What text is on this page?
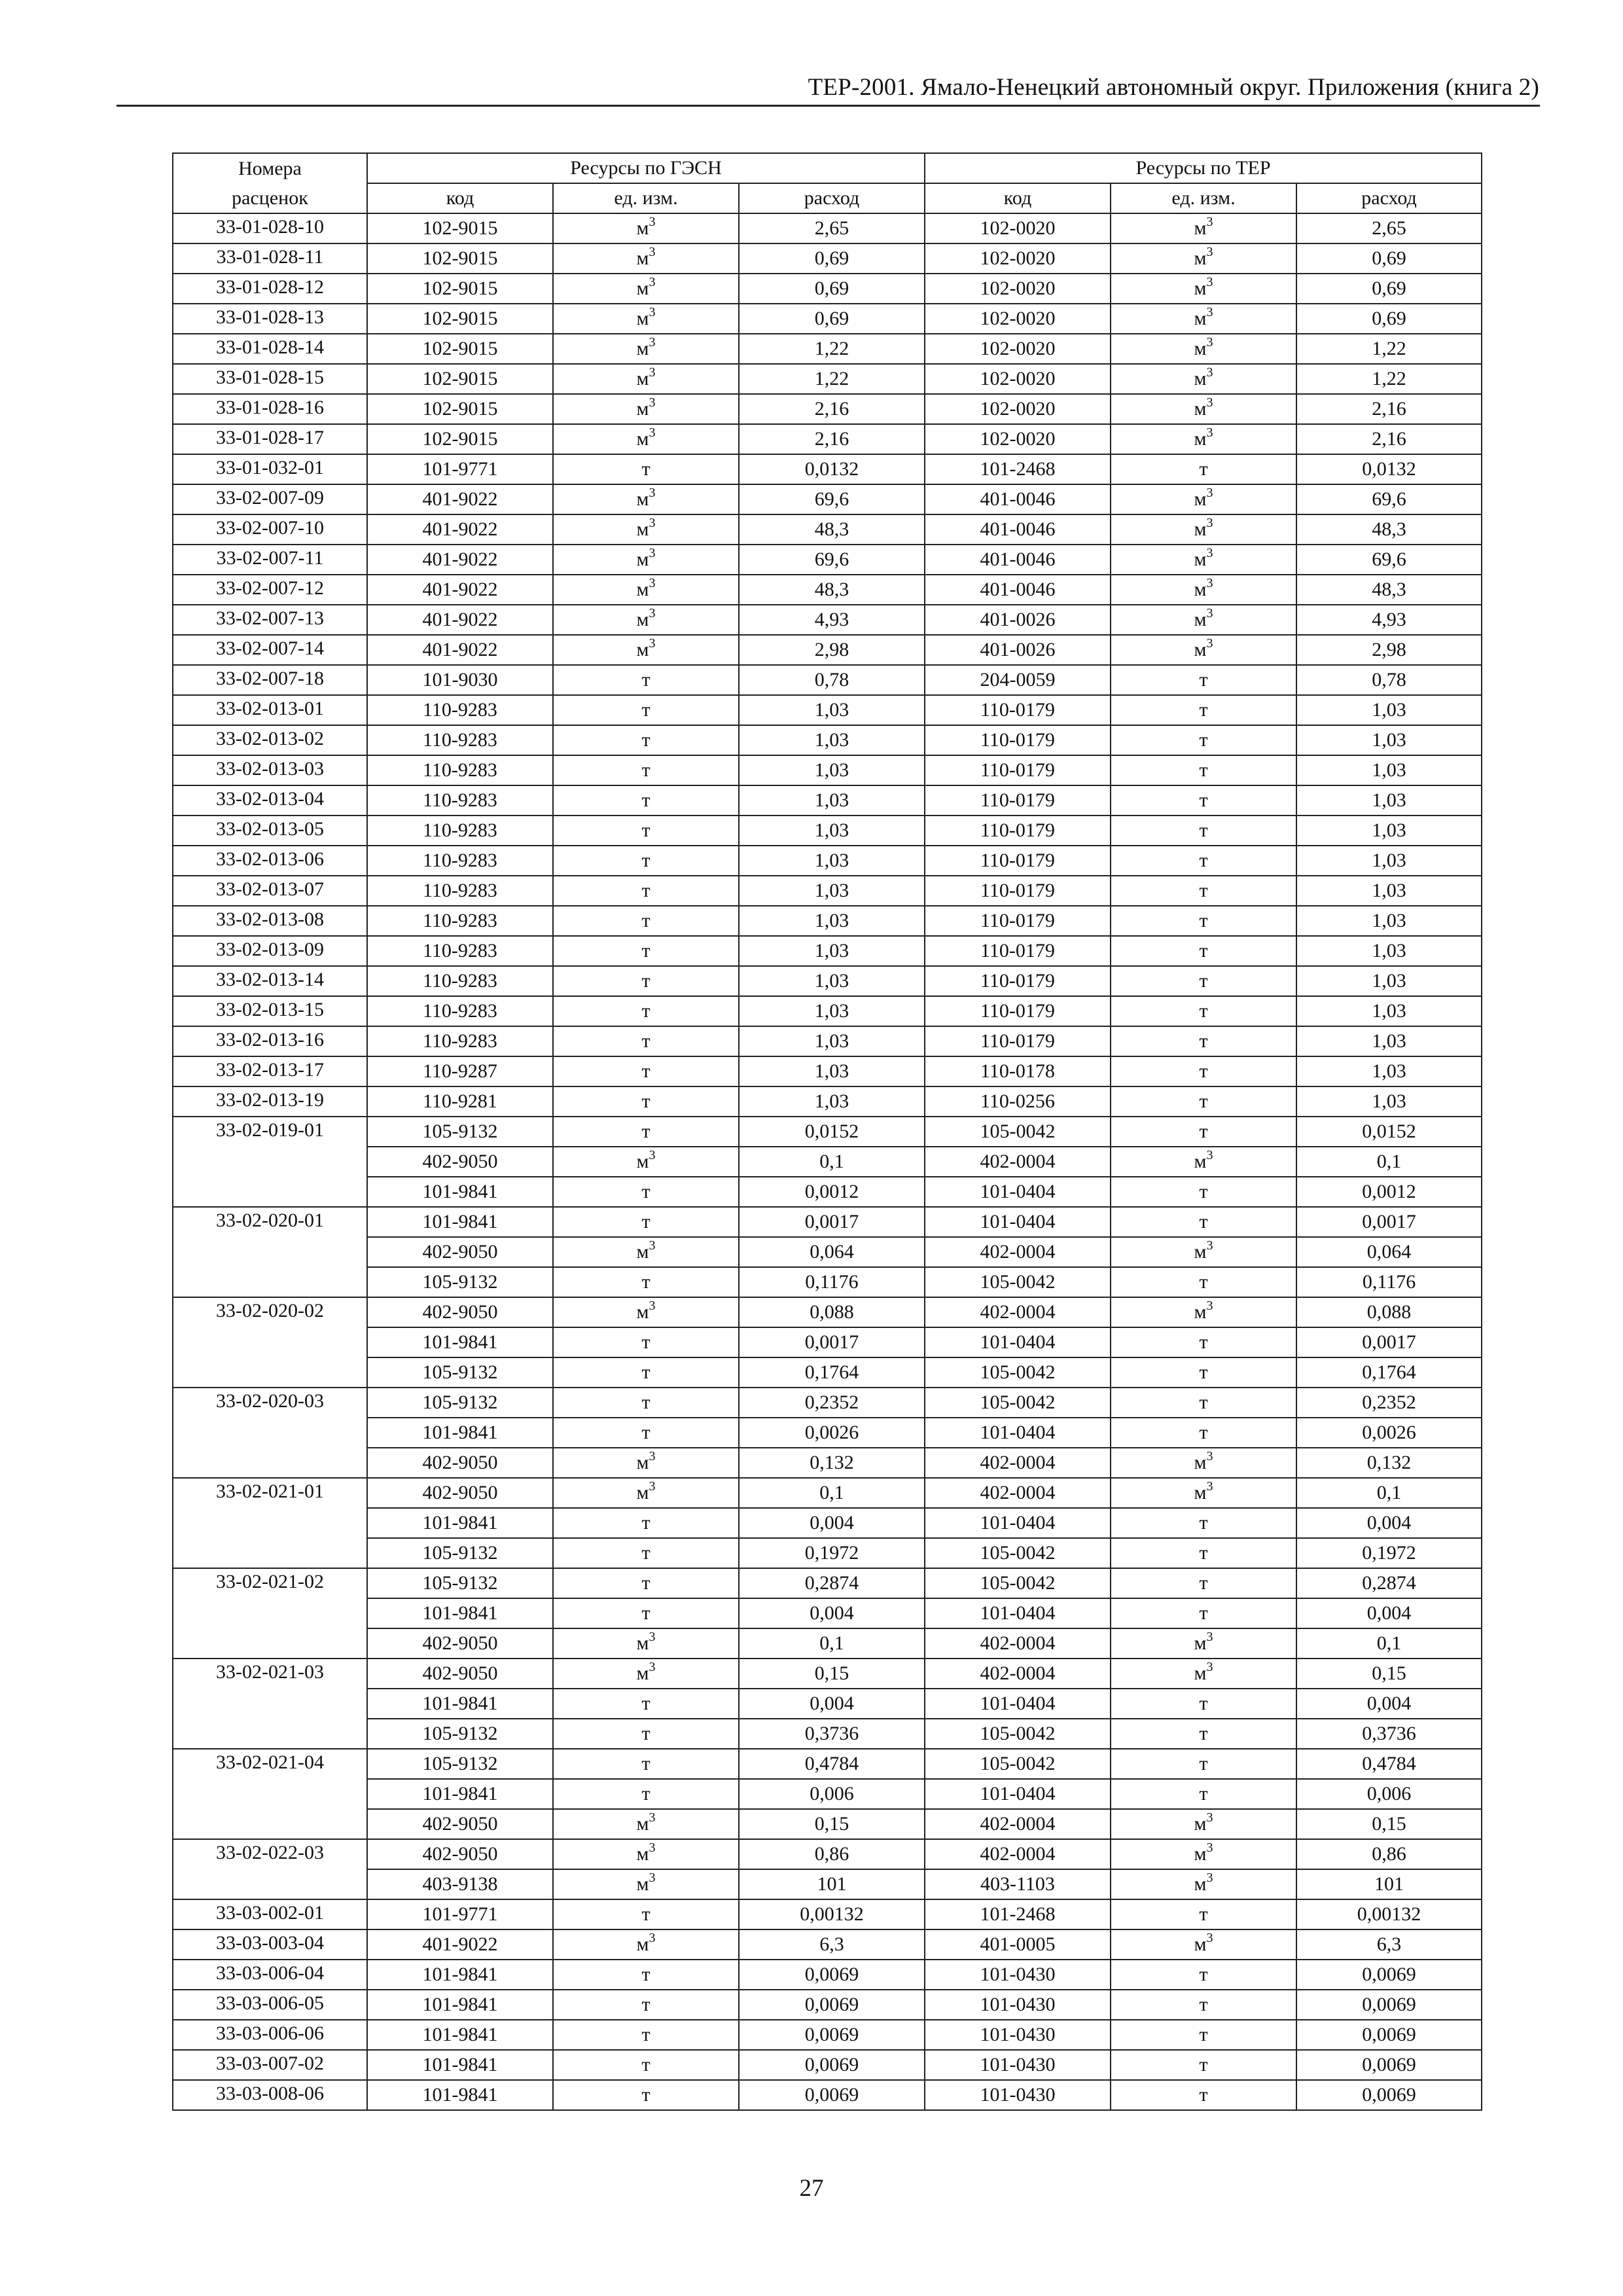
ТЕР-2001. Ямало-Ненецкий автономный округ. Приложения (книга 2)
Номера	Ресурсы по ГЭСН			Ресурсы по ТЕР		
расценок	код	ед. изм.	расход	код	ед. изм.	расход
33-01-028-10	102-9015	$м^3$	2,65	102-0020	$м^3$	2,65
33-01-028-11	102-9015	$м^3$	0,69	102-0020	$м^3$	0,69
33-01-028-12	102-9015	$м^3$	0,69	102-0020	$м^3$	0,69
33-01-028-13	102-9015	$м^3$	0,69	102-0020	$м^3$	0,69
33-01-028-14	102-9015	$м^3$	1,22	102-0020	$м^3$	1,22
33-01-028-15	102-9015	$м^3$	1,22	102-0020	$м^3$	1,22
33-01-028-16	102-9015	$м^3$	2,16	102-0020	$м^3$	2,16
33-01-028-17	102-9015	$м^3$	2,16	102-0020	$м^3$	2,16
33-01-032-01	101-9771	т	0,0132	101-2468	т	0,0132
33-02-007-09	401-9022	$м^3$	69,6	401-0046	$м^3$	69,6
33-02-007-10	401-9022	$м^3$	48,3	401-0046	$м^3$	48,3
33-02-007-11	401-9022	$м^3$	69,6	401-0046	$м^3$	69,6
33-02-007-12	401-9022	$м^3$	48,3	401-0046	$м^3$	48,3
33-02-007-13	401-9022	$м^3$	4,93	401-0026	$м^3$	4,93
33-02-007-14	401-9022	$м^3$	2,98	401-0026	$м^3$	2,98
33-02-007-18	101-9030	т	0,78	204-0059	т	0,78
33-02-013-01	110-9283	т	1,03	110-0179	т	1,03
33-02-013-02	110-9283	т	1,03	110-0179	т	1,03
33-02-013-03	110-9283	т	1,03	110-0179	т	1,03
33-02-013-04	110-9283	т	1,03	110-0179	т	1,03
33-02-013-05	110-9283	т	1,03	110-0179	т	1,03
33-02-013-06	110-9283	т	1,03	110-0179	т	1,03
33-02-013-07	110-9283	т	1,03	110-0179	т	1,03
33-02-013-08	110-9283	т	1,03	110-0179	т	1,03
33-02-013-09	110-9283	т	1,03	110-0179	т	1,03
33-02-013-14	110-9283	т	1,03	110-0179	т	1,03
33-02-013-15	110-9283	т	1,03	110-0179	т	1,03
33-02-013-16	110-9283	т	1,03	110-0179	т	1,03
33-02-013-17	110-9287	т	1,03	110-0178	т	1,03
33-02-013-19	110-9281	т	1,03	110-0256	т	1,03
33-02-019-01	105-9132	т	0,0152	105-0042	т	0,0152
	402-9050	$м^3$	0,1	402-0004	$м^3$	0,1
	101-9841	т	0,0012	101-0404	т	0,0012
33-02-020-01	101-9841	т	0,0017	101-0404	т	0,0017
	402-9050	$м^3$	0,064	402-0004	$м^3$	0,064
	105-9132	т	0,1176	105-0042	т	0,1176
33-02-020-02	402-9050	$м^3$	0,088	402-0004	$м^3$	0,088
	101-9841	т	0,0017	101-0404	т	0,0017
	105-9132	т	0,1764	105-0042	т	0,1764
33-02-020-03	105-9132	т	0,2352	105-0042	т	0,2352
	101-9841	т	0,0026	101-0404	т	0,0026
	402-9050	$м^3$	0,132	402-0004	$м^3$	0,132
33-02-021-01	402-9050	$м^3$	0,1	402-0004	$м^3$	0,1
	101-9841	т	0,004	101-0404	т	0,004
	105-9132	т	0,1972	105-0042	т	0,1972
33-02-021-02	105-9132	т	0,2874	105-0042	т	0,2874
	101-9841	т	0,004	101-0404	т	0,004
	402-9050	$м^3$	0,1	402-0004	$м^3$	0,1
33-02-021-03	402-9050	$м^3$	0,15	402-0004	$м^3$	0,15
	101-9841	т	0,004	101-0404	т	0,004
	105-9132	т	0,3736	105-0042	т	0,3736
33-02-021-04	105-9132	т	0,4784	105-0042	т	0,4784
	101-9841	т	0,006	101-0404	т	0,006
	402-9050	$м^3$	0,15	402-0004	$м^3$	0,15
33-02-022-03	402-9050	$м^3$	0,86	402-0004	$м^3$	0,86
	403-9138	$м^3$	101	403-1103	$м^3$	101
33-03-002-01	101-9771	т	0,00132	101-2468	т	0,00132
33-03-003-04	401-9022	$м^3$	6,3	401-0005	$м^3$	6,3
33-03-006-04	101-9841	т	0,0069	101-0430	т	0,0069
33-03-006-05	101-9841	т	0,0069	101-0430	т	0,0069
33-03-006-06	101-9841	т	0,0069	101-0430	т	0,0069
33-03-007-02	101-9841	т	0,0069	101-0430	т	0,0069
33-03-008-06	101-9841	т	0,0069	101-0430	т	0,0069
27
